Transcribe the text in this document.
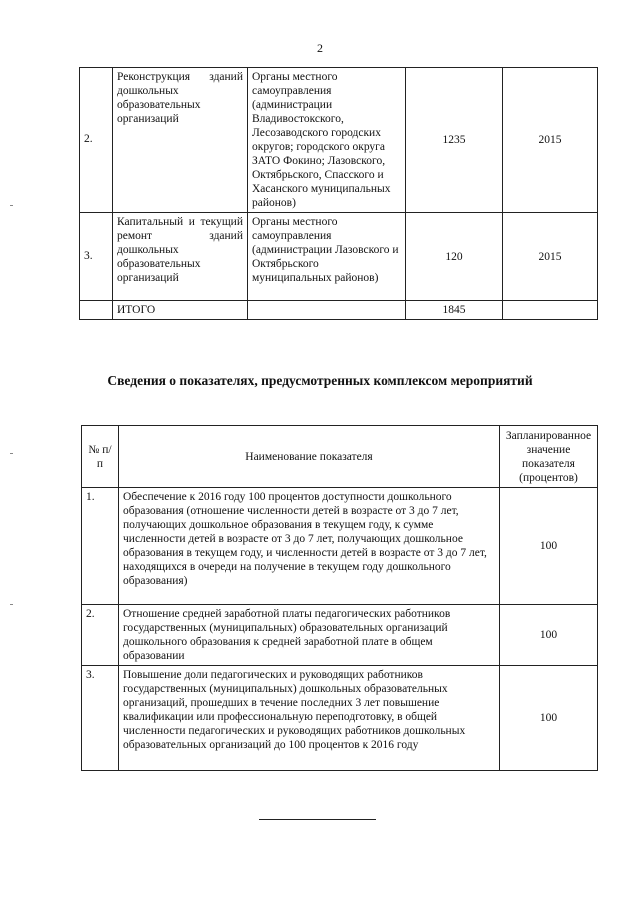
2
2.	Реконструкция зданий дошкольных образовательных организаций	Органы местного самоуправления (администрации Владивостокского, Лесозаводского городских округов; городского округа ЗАТО Фокино; Лазовского, Октябрьского, Спасского и Хасанского муниципальных районов)	1235	2015
3.	Капитальный и текущий ремонт зданий дошкольных образовательных организаций	Органы местного самоуправления (администрации Лазовского и Октябрьского муниципальных районов)	120	2015
	ИТОГО		1845	
Сведения о показателях, предусмотренных комплексом мероприятий
№ п/п	Наименование показателя	Запланированное значение показателя (процентов)
1.	Обеспечение к 2016 году 100 процентов доступности дошкольного образования (отношение численности детей в возрасте от 3 до 7 лет, получающих дошкольное образования в текущем году, к сумме численности детей в возрасте от 3 до 7 лет, получающих дошкольное образования в текущем году, и численности детей в возрасте от 3 до 7 лет, находящихся в очереди на получение в текущем году дошкольного образования)	100
2.	Отношение средней заработной платы педагогических работников государственных (муниципальных) образовательных организаций дошкольного образования к средней заработной плате в общем образовании	100
3.	Повышение доли педагогических и руководящих работников государственных (муниципальных) дошкольных образовательных организаций, прошедших в течение последних 3 лет повышение квалификации или профессиональную переподготовку, в общей численности педагогических и руководящих работников дошкольных образовательных организаций до 100 процентов к 2016 году	100
